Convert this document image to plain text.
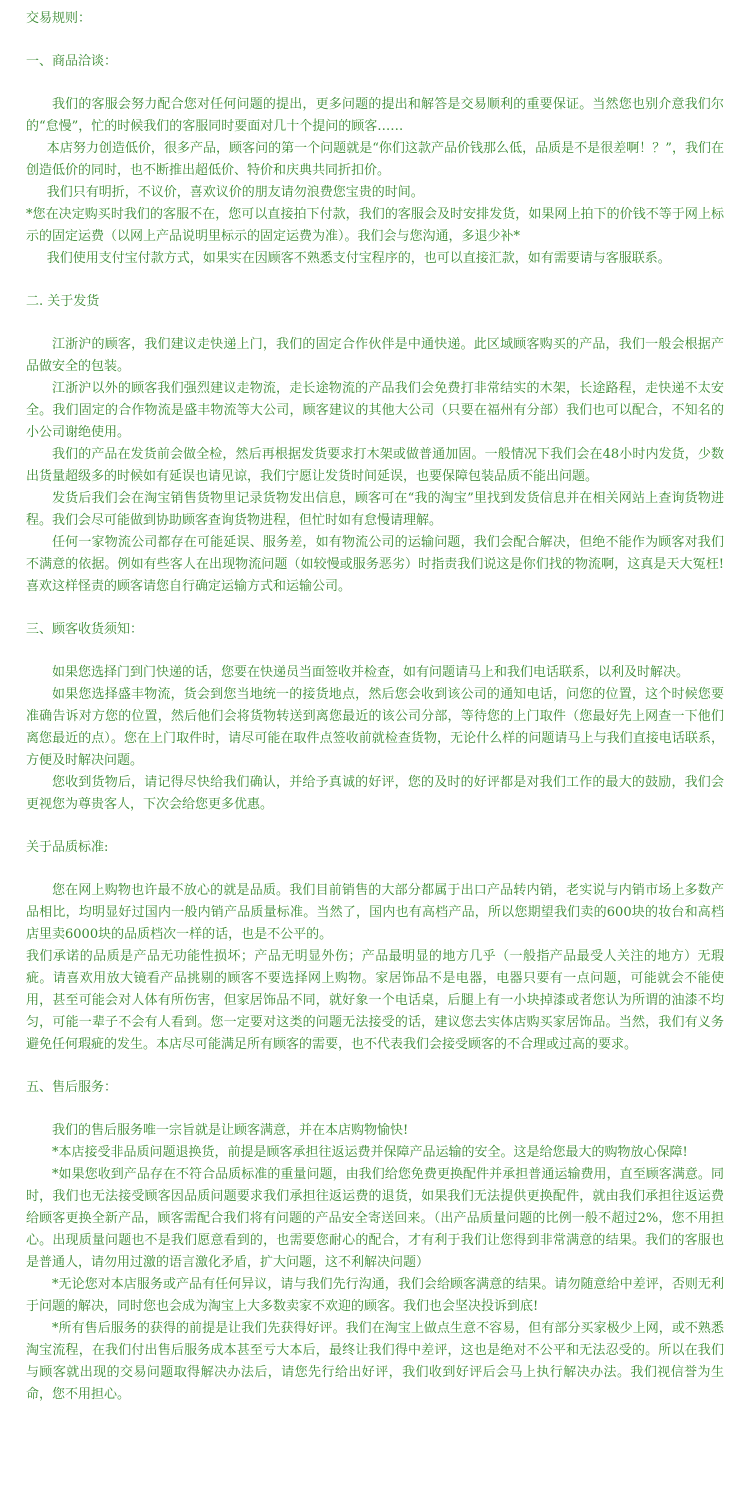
交易规则：
一、商品洽谈：

我们的客服会努力配合您对任何问题的提出，更多问题的提出和解答是交易顺利的重要保证。当然您也别介意我们尔的“怠慢”，忙的时候我们的客服同时要面对几十个提问的顾客……

本店努力创造低价，很多产品，顾客问的第一个问题就是“你们这款产品价钱那么低，品质是不是很差啊！？”，我们在创造低价的同时，也不断推出超低价、特价和庆典共同折扣价。

我们只有明折，不议价，喜欢议价的朋友请勿浪费您宝贵的时间。

*您在决定购买时我们的客服不在，您可以直接拍下付款，我们的客服会及时安排发货，如果网上拍下的价钱不等于网上标示的固定运费（以网上产品说明里标示的固定运费为准）。我们会与您沟通，多退少补*

我们使用支付宝付款方式，如果实在因顾客不熟悉支付宝程序的，也可以直接汇款，如有需要请与客服联系。

二. 关于发货

江浙沪的顾客，我们建议走快递上门，我们的固定合作伙伴是中通快递。此区域顾客购买的产品，我们一般会根据产品做安全的包装。

江浙沪以外的顾客我们强烈建议走物流，走长途物流的产品我们会免费打非常结实的木架，长途路程，走快递不太安全。我们固定的合作物流是盛丰物流等大公司，顾客建议的其他大公司（只要在福州有分部）我们也可以配合，不知名的小公司谢绝使用。

我们的产品在发货前会做全检，然后再根据发货要求打木架或做普通加固。一般情况下我们会在48小时内发货，少数出货量超级多的时候如有延误也请见谅，我们宁愿让发货时间延误，也要保障包装品质不能出问题。

发货后我们会在淘宝销售货物里记录货物发出信息，顾客可在“我的淘宝”里找到发货信息并在相关网站上查询货物进程。我们会尽可能做到协助顾客查询货物进程，但忙时如有怠慢请理解。

任何一家物流公司都存在可能延误、服务差，如有物流公司的运输问题，我们会配合解决，但绝不能作为顾客对我们不满意的依据。例如有些客人在出现物流问题（如较慢或服务恶劣）时指责我们说这是你们找的物流啊，这真是天大冤枉!喜欢这样怪责的顾客请您自行确定运输方式和运输公司。

三、顾客收货须知：

如果您选择门到门快递的话，您要在快递员当面签收并检查，如有问题请马上和我们电话联系，以利及时解决。

如果您选择盛丰物流，货会到您当地统一的接货地点，然后您会收到该公司的通知电话，问您的位置，这个时候您要准确告诉对方您的位置，然后他们会将货物转送到离您最近的该公司分部，等待您的上门取件（您最好先上网查一下他们离您最近的点）。您在上门取件时，请尽可能在取件点签收前就检查货物，无论什么样的问题请马上与我们直接电话联系，方便及时解决问题。

您收到货物后，请记得尽快给我们确认，并给予真诚的好评，您的及时的好评都是对我们工作的最大的鼓励，我们会更视您为尊贵客人，下次会给您更多优惠。

关于品质标准:

您在网上购物也许最不放心的就是品质。我们目前销售的大部分都属于出口产品转内销，老实说与内销市场上多数产品相比，均明显好过国内一般内销产品质量标准。当然了，国内也有高档产品，所以您期望我们卖的600块的妆台和高档店里卖6000块的品质档次一样的话，也是不公平的。

我们承诺的品质是产品无功能性损坏；产品无明显外伤；产品最明显的地方几乎（一般指产品最受人关注的地方）无瑕疵。请喜欢用放大镜看产品挑剔的顾客不要选择网上购物。家居饰品不是电器，电器只要有一点问题，可能就会不能使用，甚至可能会对人体有所伤害，但家居饰品不同，就好象一个电话桌，后腿上有一小块掉漆或者您认为所谓的油漆不均匀，可能一辈子不会有人看到。您一定要对这类的问题无法接受的话，建议您去实体店购买家居饰品。当然，我们有义务避免任何瑕疵的发生。本店尽可能满足所有顾客的需要，也不代表我们会接受顾客的不合理或过高的要求。

五、售后服务：

我们的售后服务唯一宗旨就是让顾客满意，并在本店购物愉快!

*本店接受非品质问题退换货，前提是顾客承担往返运费并保障产品运输的安全。这是给您最大的购物放心保障!

*如果您收到产品存在不符合品质标准的重量问题，由我们给您免费更换配件并承担普通运输费用，直至顾客满意。同时，我们也无法接受顾客因品质问题要求我们承担往返运费的退货，如果我们无法提供更换配件，就由我们承担往返运费给顾客更换全新产品，顾客需配合我们将有问题的产品安全寄送回来。（出产品质量问题的比例一般不超过2%，您不用担心。出现质量问题也不是我们愿意看到的，也需要您耐心的配合，才有利于我们让您得到非常满意的结果。我们的客服也是普通人，请勿用过激的语言激化矛盾，扩大问题，这不利解决问题）

*无论您对本店服务或产品有任何异议，请与我们先行沟通，我们会给顾客满意的结果。请勿随意给中差评，否则无利于问题的解决，同时您也会成为淘宝上大多数卖家不欢迎的顾客。我们也会坚决投诉到底!

*所有售后服务的获得的前提是让我们先获得好评。我们在淘宝上做点生意不容易，但有部分买家极少上网，或不熟悉淘宝流程，在我们付出售后服务成本甚至亏大本后，最终让我们得中差评，这也是绝对不公平和无法忍受的。所以在我们与顾客就出现的交易问题取得解决办法后，请您先行给出好评，我们收到好评后会马上执行解决办法。我们视信誉为生命，您不用担心。
